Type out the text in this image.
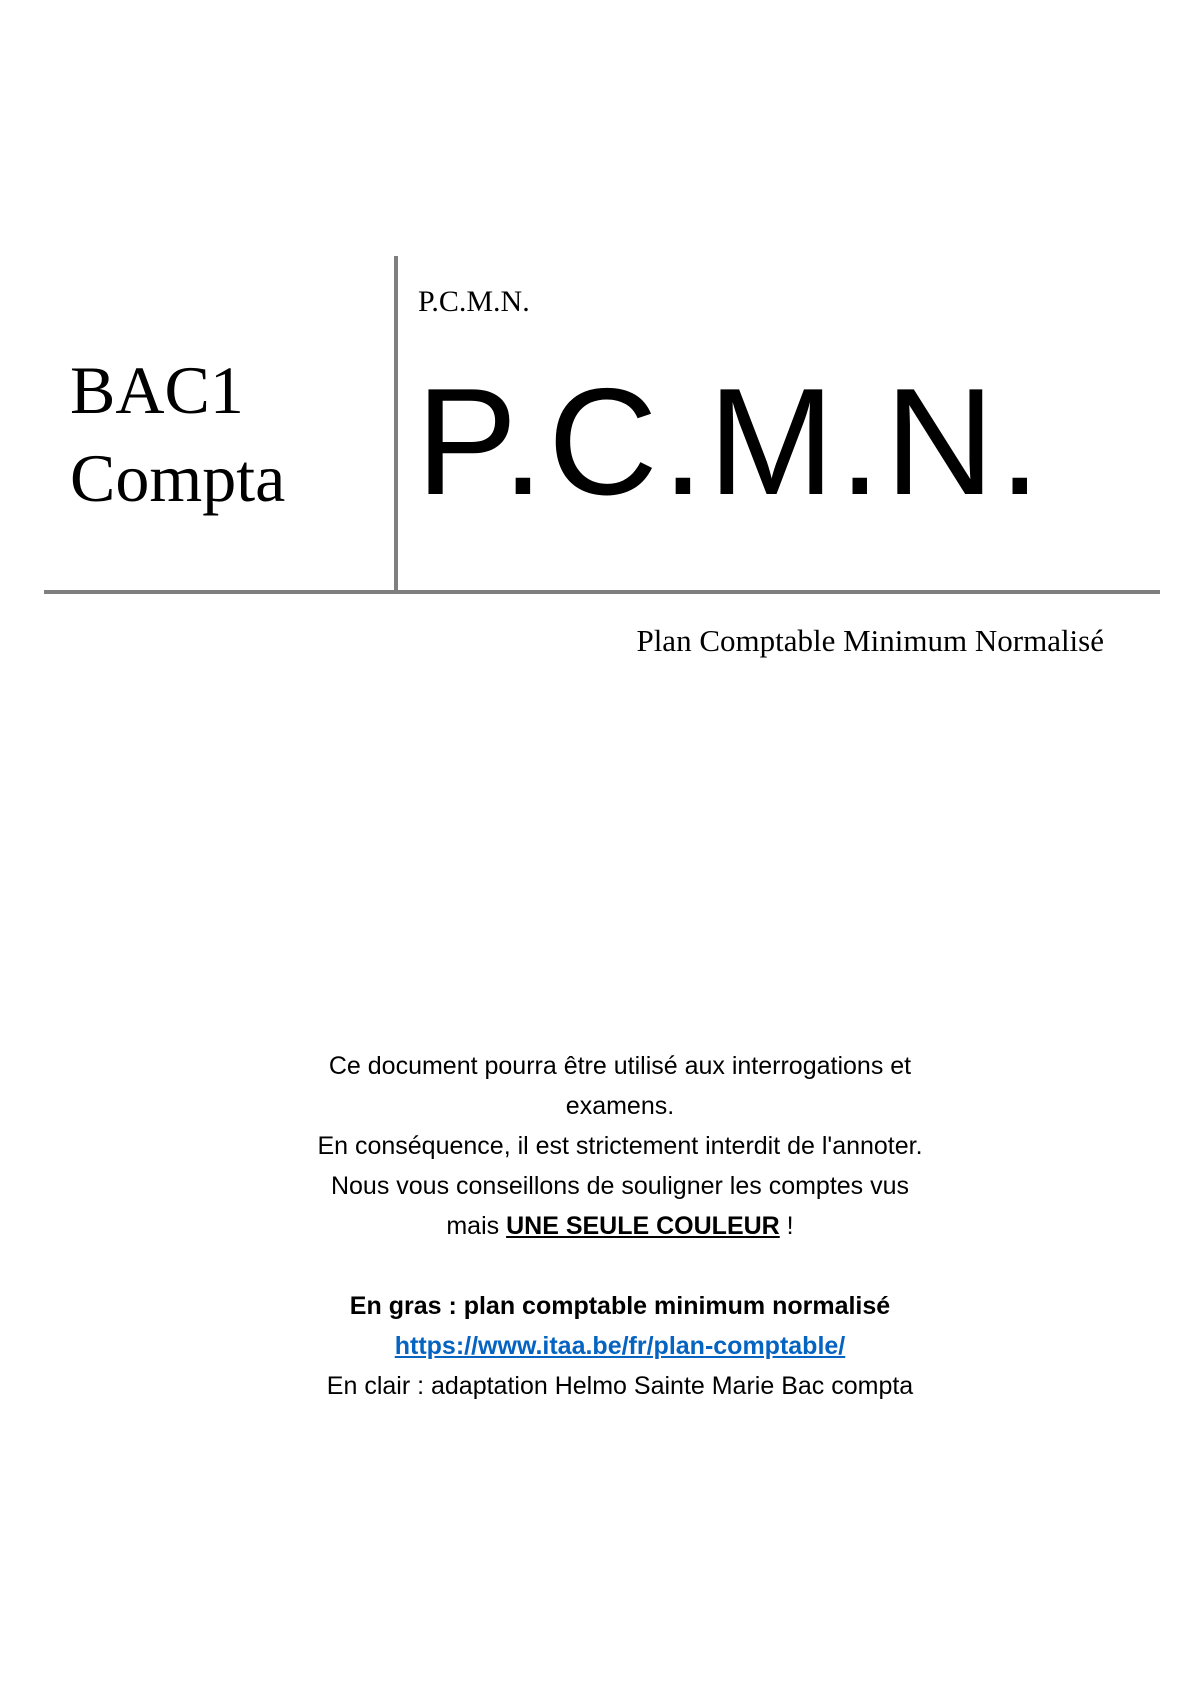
BAC1
Compta
P.C.M.N.
P.C.M.N.
Plan Comptable Minimum Normalisé
Ce document pourra être utilisé aux interrogations et
examens.
En conséquence, il est strictement interdit de l'annoter.
Nous vous conseillons de souligner les comptes vus
mais UNE SEULE COULEUR !
En gras : plan comptable minimum normalisé
https://www.itaa.be/fr/plan-comptable/
En clair : adaptation Helmo Sainte Marie Bac compta
